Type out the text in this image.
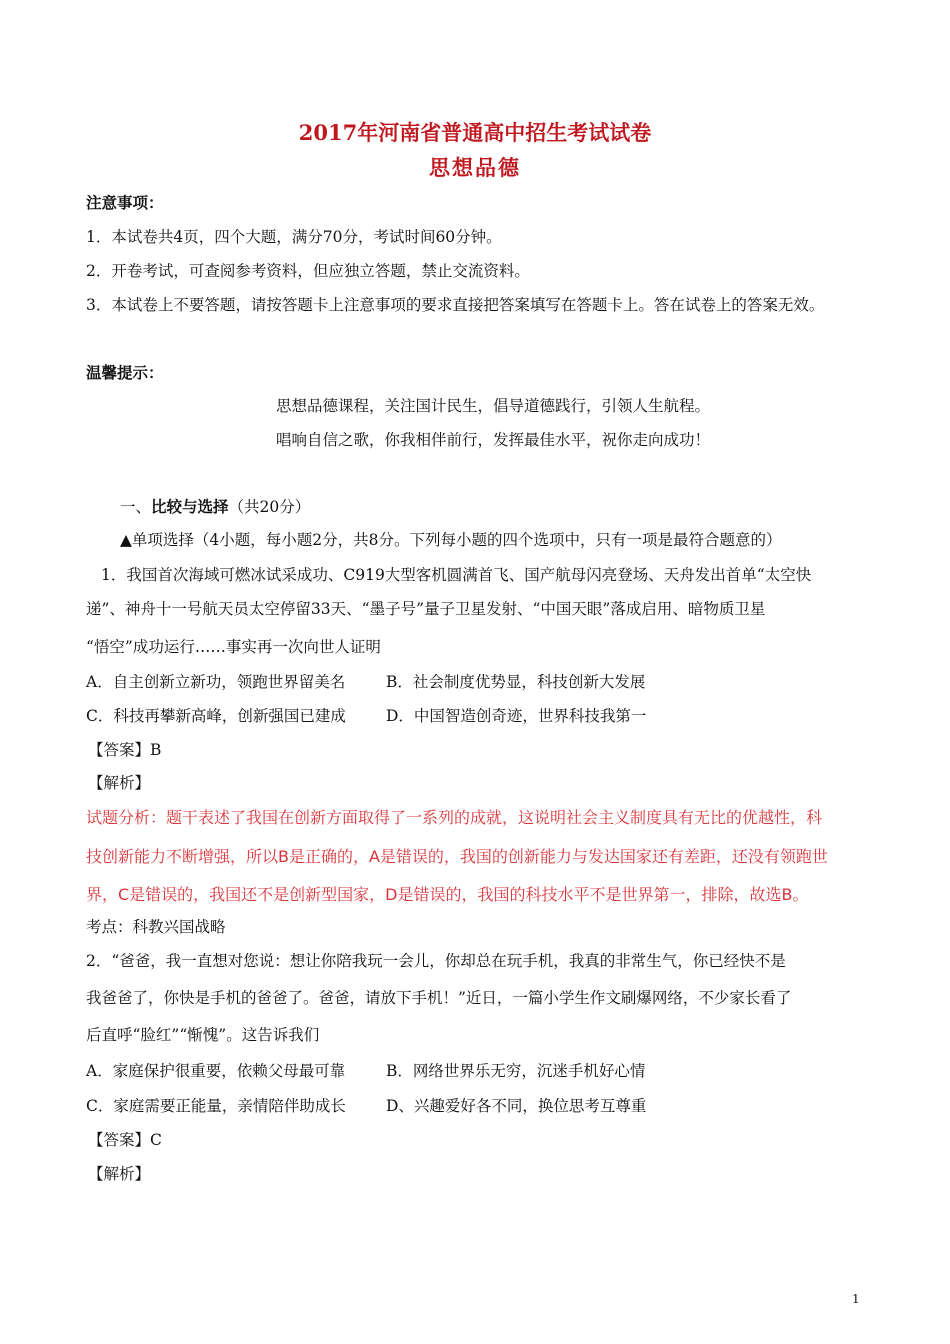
2017年河南省普通高中招生考试试卷
思想品德
注意事项：
1．本试卷共4页，四个大题，满分70分，考试时间60分钟。
2．开卷考试，可查阅参考资料，但应独立答题，禁止交流资料。
3．本试卷上不要答题，请按答题卡上注意事项的要求直接把答案填写在答题卡上。答在试卷上的答案无效。
温馨提示：
思想品德课程，关注国计民生，倡导道德践行，引领人生航程。
唱响自信之歌，你我相伴前行，发挥最佳水平，祝你走向成功！
一、比较与选择（共20分）
▲单项选择（4小题，每小题2分，共8分。下列每小题的四个选项中，只有一项是最符合题意的）
1．我国首次海域可燃冰试采成功、C919大型客机圆满首飞、国产航母闪亮登场、天舟发出首单“太空快
递”、神舟十一号航天员太空停留33天、“墨子号”量子卫星发射、“中国天眼”落成启用、暗物质卫星
“悟空”成功运行……事实再一次向世人证明
A．自主创新立新功，领跑世界留美名	B．社会制度优势显，科技创新大发展
C．科技再攀新高峰，创新强国已建成	D．中国智造创奇迹，世界科技我第一
【答案】B
【解析】
试题分析：题干表述了我国在创新方面取得了一系列的成就，这说明社会主义制度具有无比的优越性，科
技创新能力不断增强，所以B是正确的，A是错误的，我国的创新能力与发达国家还有差距，还没有领跑世
界，C是错误的，我国还不是创新型国家，D是错误的，我国的科技水平不是世界第一，排除，故选B。
考点：科教兴国战略
2．“爸爸，我一直想对您说：想让你陪我玩一会儿，你却总在玩手机，我真的非常生气，你已经快不是
我爸爸了，你快是手机的爸爸了。爸爸，请放下手机！”近日，一篇小学生作文刷爆网络，不少家长看了
后直呼“脸红”“惭愧”。这告诉我们
A．家庭保护很重要，依赖父母最可靠	B．网络世界乐无穷，沉迷手机好心情
C．家庭需要正能量，亲情陪伴助成长	D、兴趣爱好各不同，换位思考互尊重
【答案】C
【解析】
1
